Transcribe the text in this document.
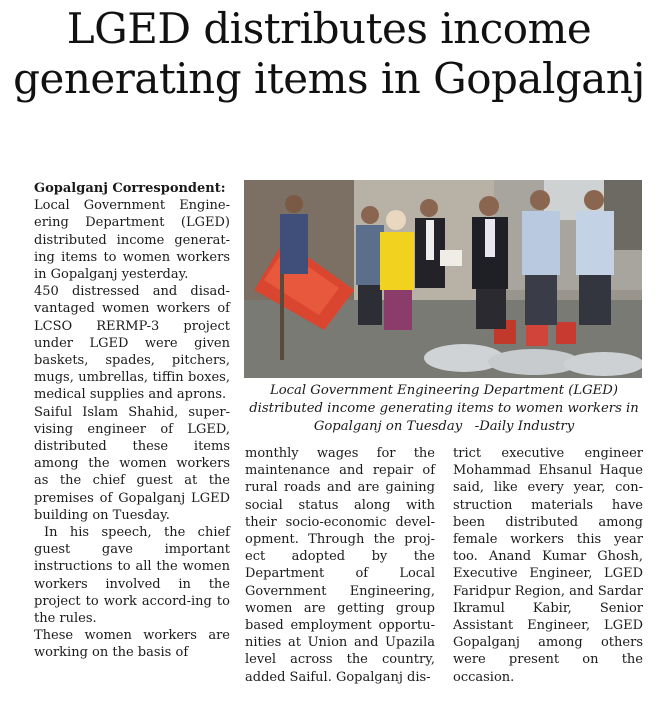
LGED distributes income generating items in Gopalganj
Gopalganj Correspondent:

Local Government Engine-ering Department (LGED) distributed income generat-ing items to women workers in Gopalganj yesterday.

450 distressed and disad-vantaged women workers of LCSO RERMP-3 project under LGED were given baskets, spades, pitchers, mugs, umbrellas, tiffin boxes, medical supplies and aprons.

Saiful Islam Shahid, super-vising engineer of LGED, distributed these items among the women workers as the chief guest at the premises of Gopalganj LGED building on Tuesday.

In his speech, the chief guest gave important instructions to all the women workers involved in the project to work accord-ing to the rules.

These women workers are working on the basis of

Local Government Engineering Department (LGED) distributed income generating items to women workers in Gopalganj on Tuesday -Daily Industry

monthly wages for the maintenance and repair of rural roads and are gaining social status along with their socio-economic devel-opment. Through the proj-ect adopted by the Department of Local Government Engineering, women are getting group based employment opportu-nities at Union and Upazila level across the country, added Saiful. Gopalganj dis-

trict executive engineer Mohammad Ehsanul Haque said, like every year, con-struction materials have been distributed among female workers this year too. Anand Kumar Ghosh, Executive Engineer, LGED Faridpur Region, and Sardar Ikramul Kabir, Senior Assistant Engineer, LGED Gopalganj among others were present on the occasion.
